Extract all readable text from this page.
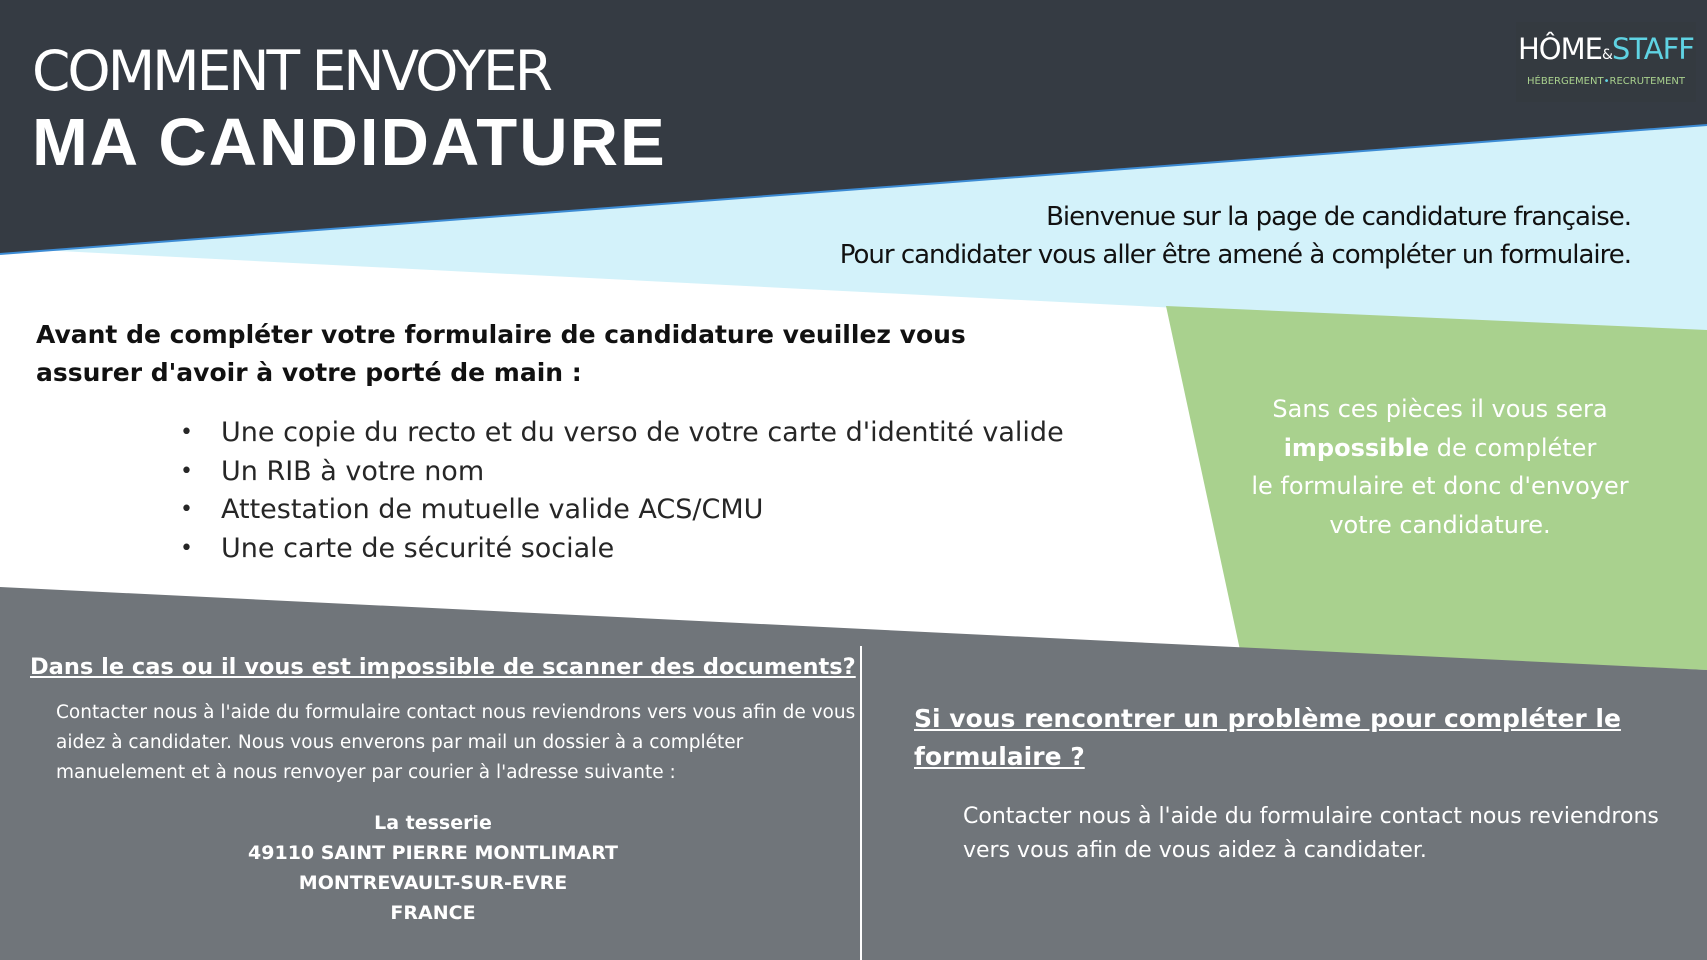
COMMENT ENVOYER
MA CANDIDATURE
HÔME&STAFF
HÉBERGEMENT•RECRUTEMENT
Bienvenue sur la page de candidature française.
Pour candidater vous aller être amené à compléter un formulaire.

Avant de compléter votre formulaire de candidature veuillez vous assurer d'avoir à votre porté de main :

• Une copie du recto et du verso de votre carte d'identité valide
• Un RIB à votre nom
• Attestation de mutuelle valide ACS/CMU
• Une carte de sécurité sociale
Sans ces pièces il vous sera
impossible de compléter
le formulaire et donc d'envoyer
votre candidature.
Dans le cas ou il vous est impossible de scanner des documents?

Contacter nous à l'aide du formulaire contact nous reviendrons vers vous afin de vous aidez à candidater. Nous vous enverons par mail un dossier à a compléter manuelement et à nous renvoyer par courier à l'adresse suivante :

La tesserie
49110 SAINT PIERRE MONTLIMART
MONTREVAULT-SUR-EVRE
FRANCE
Si vous rencontrer un problème pour compléter le formulaire ?

Contacter nous à l'aide du formulaire contact nous reviendrons vers vous afin de vous aidez à candidater.
